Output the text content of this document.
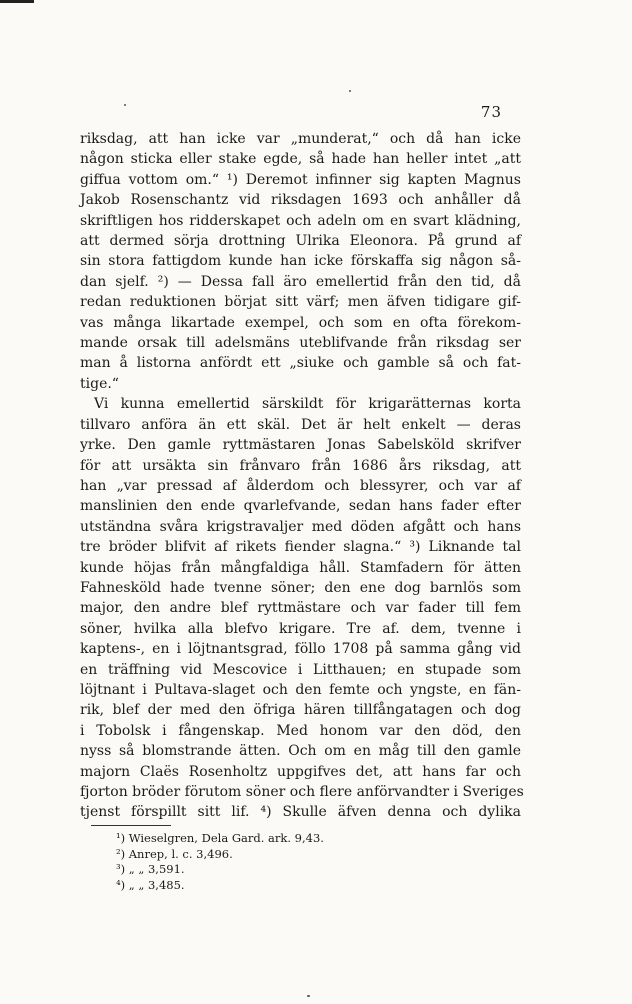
73
riksdag, att han icke var „munderat,“ och då han icke
någon sticka eller stake egde, så hade han heller intet „att
giffua vottom om.“ ¹) Deremot infinner sig kapten Magnus
Jakob Rosenschantz vid riksdagen 1693 och anhåller då
skriftligen hos ridderskapet och adeln om en svart klädning,
att dermed sörja drottning Ulrika Eleonora. På grund af
sin stora fattigdom kunde han icke förskaffa sig någon så-
dan sjelf. ²) — Dessa fall äro emellertid från den tid, då
redan reduktionen börjat sitt värf; men äfven tidigare gif-
vas många likartade exempel, och som en ofta förekom-
mande orsak till adelsmäns uteblifvande från riksdag ser
man å listorna anfördt ett „siuke och gamble så och fat-
tige.“
Vi kunna emellertid särskildt för krigarätternas korta
tillvaro anföra än ett skäl. Det är helt enkelt — deras
yrke. Den gamle ryttmästaren Jonas Sabelsköld skrifver
för att ursäkta sin frånvaro från 1686 års riksdag, att
han „var pressad af ålderdom och blessyrer, och var af
manslinien den ende qvarlefvande, sedan hans fader efter
utständna svåra krigstravaljer med döden afgått och hans
tre bröder blifvit af rikets fiender slagna.“ ³) Liknande tal
kunde höjas från mångfaldiga håll. Stamfadern för ätten
Fahnesköld hade tvenne söner; den ene dog barnlös som
major, den andre blef ryttmästare och var fader till fem
söner, hvilka alla blefvo krigare. Tre af. dem, tvenne i
kaptens-, en i löjtnantsgrad, föllo 1708 på samma gång vid
en träffning vid Mescovice i Litthauen; en stupade som
löjtnant i Pultava-slaget och den femte och yngste, en fän-
rik, blef der med den öfriga hären tillfångatagen och dog
i Tobolsk i fångenskap. Med honom var den död, den
nyss så blomstrande ätten. Och om en måg till den gamle
majorn Claës Rosenholtz uppgifves det, att hans far och
fjorton bröder förutom söner och flere anförvandter i Sveriges
tjenst förspillt sitt lif. ⁴) Skulle äfven denna och dylika
¹) Wieselgren, Dela Gard. ark. 9,43.
²) Anrep, l. c. 3,496.
³) „ „ 3,591.
⁴) „ „ 3,485.
